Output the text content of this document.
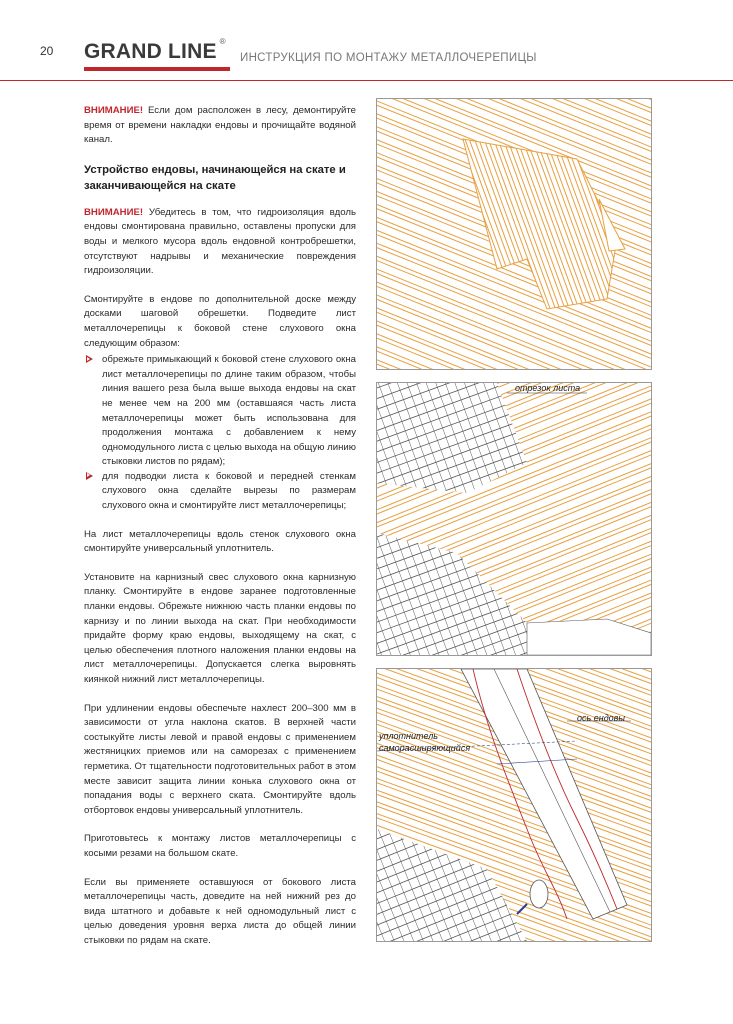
20 GRAND LINE ®
ИНСТРУКЦИЯ ПО МОНТАЖУ МЕТАЛЛОЧЕРЕПИЦЫ

ВНИМАНИЕ! Если дом расположен в лесу, демонтируйте время от времени накладки ендовы и прочищайте водяной канал.

Устройство ендовы, начинающейся на скате и заканчивающейся на скате

ВНИМАНИЕ! Убедитесь в том, что гидроизоляция вдоль ендовы смонтирована правильно, оставлены пропуски для воды и мелкого мусора вдоль ендовной контробрешетки, отсутствуют надрывы и механические повреждения гидроизоляции.

Смонтируйте в ендове по дополнительной доске между досками шаговой обрешетки. Подведите лист металлочерепицы к боковой стене слухового окна следующим образом:

обрежьте примыкающий к боковой стене слухового окна лист металлочерепицы по длине таким образом, чтобы линия вашего реза была выше выхода ендовы на скат не менее чем на 200 мм (оставшаяся часть листа металлочерепицы может быть использована для продолжения монтажа с добавлением к нему одномодульного листа с целью выхода на общую линию стыковки листов по рядам);
для подводки листа к боковой и передней стенкам слухового окна сделайте вырезы по размерам слухового окна и смонтируйте лист металлочерепицы;

На лист металлочерепицы вдоль стенок слухового окна смонтируйте универсальный уплотнитель.

Установите на карнизный свес слухового окна карнизную планку. Смонтируйте в ендове заранее подготовленные планки ендовы. Обрежьте нижнюю часть планки ендовы по карнизу и по линии выхода на скат. При необходимости придайте форму краю ендовы, выходящему на скат, с целью обеспечения плотного наложения планки ендовы на лист металлочерепицы. Допускается слегка выровнять киянкой нижний лист металлочерепицы.

При удлинении ендовы обеспечьте нахлест 200–300 мм в зависимости от угла наклона скатов. В верхней части состыкуйте листы левой и правой ендовы с применением жестяницких приемов или на саморезах с применением герметика. От тщательности подготовительных работ в этом месте зависит защита линии конька слухового окна от попадания воды с верхнего ската. Смонтируйте вдоль отбортовок ендовы универсальный уплотнитель.

Приготовьтесь к монтажу листов металлочерепицы с косыми резами на большом скате.

Если вы применяете оставшуюся от бокового листа металлочерепицы часть, доведите на ней нижний рез до вида штатного и добавьте к ней одномодульный лист с целью доведения уровня верха листа до общей линии стыковки по рядам на скате.

отрезок листа
ось ендовы
уплотнитель
саморасширяющийся
